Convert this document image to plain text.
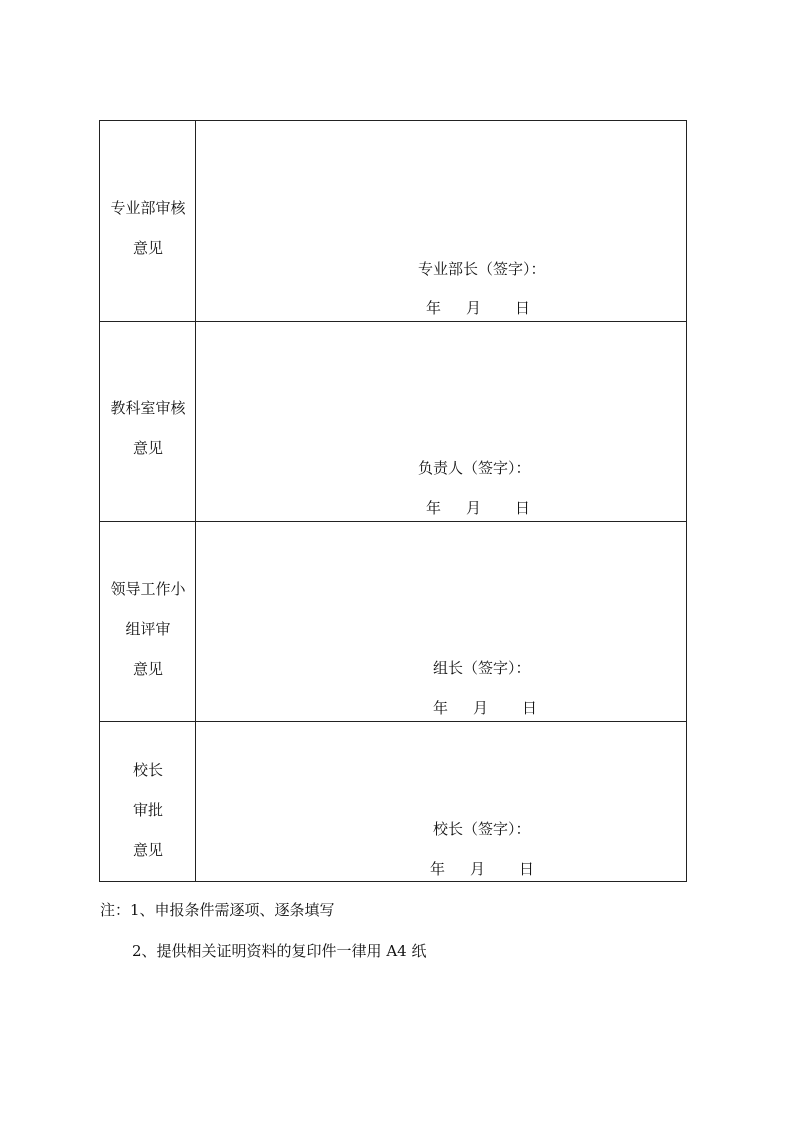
专业部审核
意见
专业部长（签字）：
年 月 日
教科室审核
意见
负责人（签字）：
年 月 日
领导工作小
组评审
意见	组长（签字）：
年 月 日
校长
审批
意见
校长（签字）：
年 月 日
注：1、申报条件需逐项、逐条填写
2、提供相关证明资料的复印件一律用 A4 纸
